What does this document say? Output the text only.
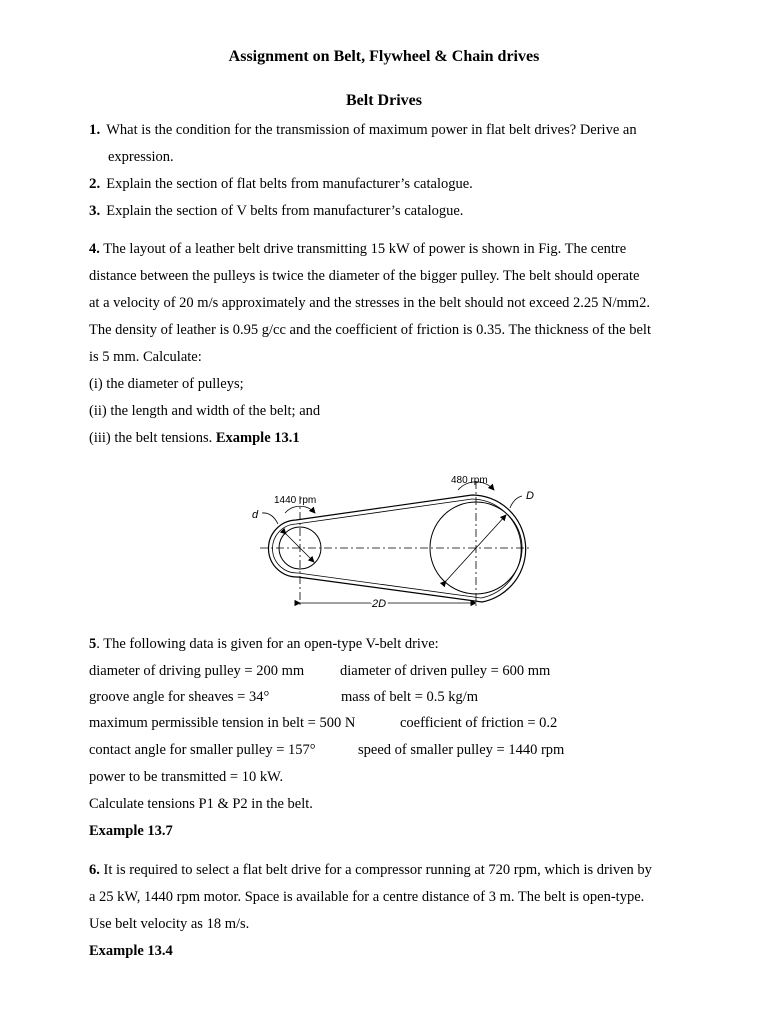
Assignment on Belt, Flywheel & Chain drives
Belt Drives
1. What is the condition for the transmission of maximum power in flat belt drives? Derive an
expression.
2. Explain the section of flat belts from manufacturer’s catalogue.
3. Explain the section of V belts from manufacturer’s catalogue.
4. The layout of a leather belt drive transmitting 15 kW of power is shown in Fig. The centre
distance between the pulleys is twice the diameter of the bigger pulley. The belt should operate
at a velocity of 20 m/s approximately and the stresses in the belt should not exceed 2.25 N/mm2.
The density of leather is 0.95 g/cc and the coefficient of friction is 0.35. The thickness of the belt
is 5 mm. Calculate:
(i) the diameter of pulleys;
(ii) the length and width of the belt; and
(iii) the belt tensions. Example 13.1
1440 rpm
480 rpm
d
D
2D
5. The following data is given for an open-type V-belt drive:
diameter of driving pulley = 200 mm diameter of driven pulley = 600 mm
groove angle for sheaves = 34°	mass of belt = 0.5 kg/m
maximum permissible tension in belt = 500 N	coefficient of friction = 0.2
contact angle for smaller pulley = 157°	speed of smaller pulley = 1440 rpm
power to be transmitted = 10 kW.
Calculate tensions P1 & P2 in the belt.
Example 13.7
6. It is required to select a flat belt drive for a compressor running at 720 rpm, which is driven by
a 25 kW, 1440 rpm motor. Space is available for a centre distance of 3 m. The belt is open-type.
Use belt velocity as 18 m/s.
Example 13.4
